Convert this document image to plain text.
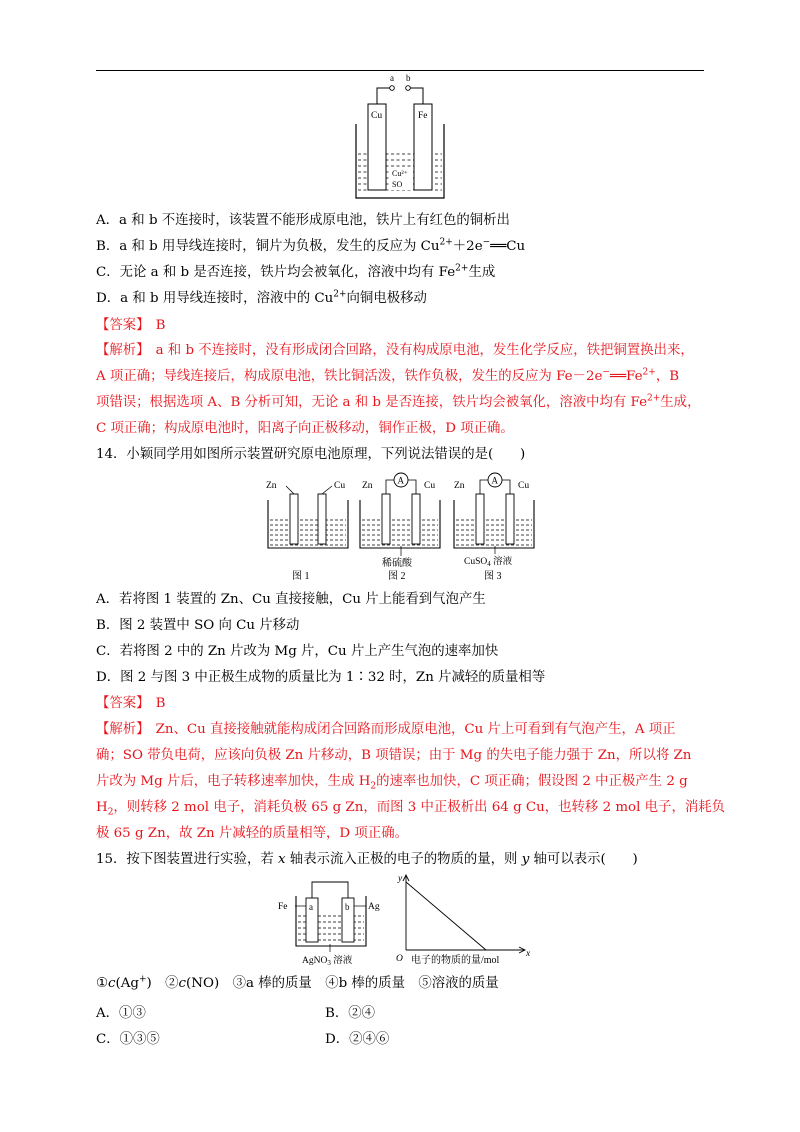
a b
Cu	Fe
Cu²⁺
SO
A．a 和 b 不连接时，该装置不能形成原电池，铁片上有红色的铜析出
B．a 和 b 用导线连接时，铜片为负极，发生的反应为 $Cu^{2+}+2e^-══Cu$
C．无论 a 和 b 是否连接，铁片均会被氧化，溶液中均有 $Fe^{2+}$生成
D．a 和 b 用导线连接时，溶液中的 $Cu^{2+}$向铜电极移动
【答案】 B
【解析】 a 和 b 不连接时，没有形成闭合回路，没有构成原电池，发生化学反应，铁把铜置换出来，
A 项正确；导线连接后，构成原电池，铁比铜活泼，铁作负极，发生的反应为 $Fe-2e^-══Fe^{2+}$，B
项错误；根据选项 A、B 分析可知，无论 a 和 b 是否连接，铁片均会被氧化，溶液中均有 $Fe^{2+}$生成，
C 项正确；构成原电池时，阳离子向正极移动，铜作正极，D 项正确。
14．小颖同学用如图所示装置研究原电池原理，下列说法错误的是(　　)
Zn	Cu
A
Zn	Cu
稀硫酸
A
Zn	Cu
CuSO$_4$ 溶液
图 1	图 2	图 3
A．若将图 1 装置的 Zn、Cu 直接接触，Cu 片上能看到气泡产生
B．图 2 装置中 SO 向 Cu 片移动
C．若将图 2 中的 Zn 片改为 Mg 片，Cu 片上产生气泡的速率加快
D．图 2 与图 3 中正极生成物的质量比为 1∶32 时，Zn 片减轻的质量相等
【答案】 B
【解析】 Zn、Cu 直接接触就能构成闭合回路而形成原电池，Cu 片上可看到有气泡产生，A 项正
确；SO 带负电荷，应该向负极 Zn 片移动，B 项错误；由于 Mg 的失电子能力强于 Zn，所以将 Zn
片改为 Mg 片后，电子转移速率加快，生成 $H_2$的速率也加快，C 项正确；假设图 2 中正极产生 2 g
$H_2$，则转移 2 mol 电子，消耗负极 65 g Zn，而图 3 中正极析出 64 g Cu，也转移 2 mol 电子，消耗负
极 65 g Zn，故 Zn 片减轻的质量相等，D 项正确。
15．按下图装置进行实验，若 x 轴表示流入正极的电子的物质的量，则 y 轴可以表示(　　)
a	b
Fe	Ag
AgNO$_3$ 溶液
y
x
O 电子的物质的量/mol
①c(Ag+)　 ②c(NO)　 ③a 棒的质量　 ④b 棒的质量　 ⑤溶液的质量
A．①③	B．②④
C．①③⑤	D．②④⑥
